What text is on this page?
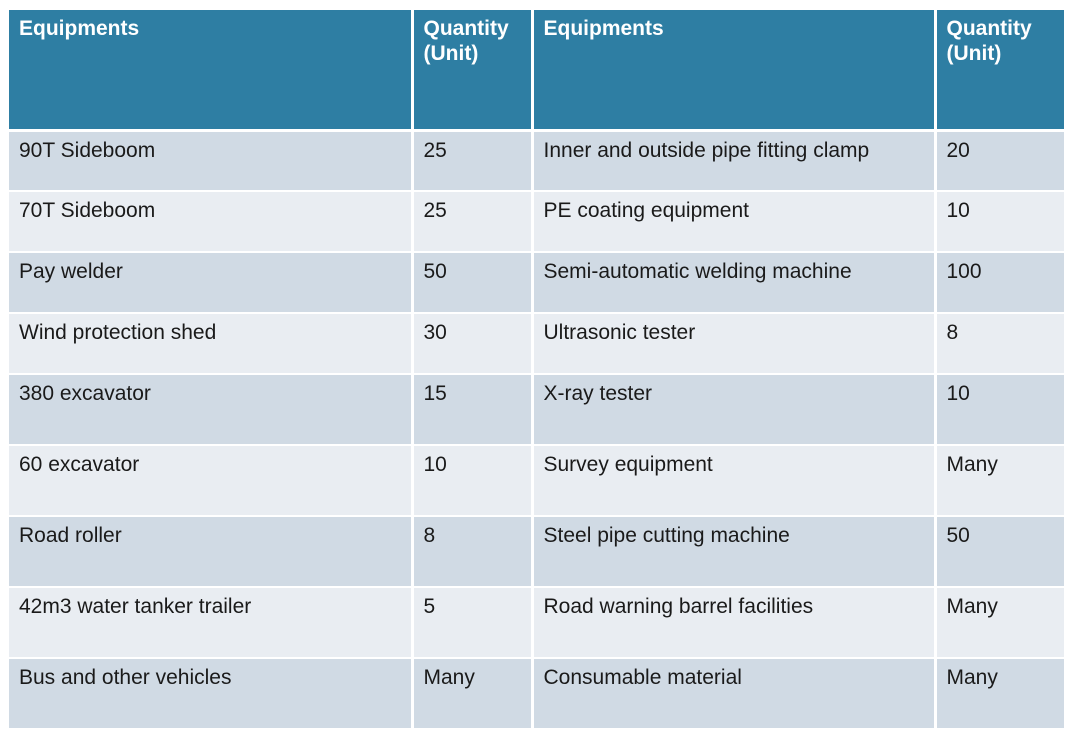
Equipments	Quantity (Unit)	Equipments	Quantity (Unit)
90T Sideboom	25	Inner and outside pipe fitting clamp	20
70T Sideboom	25	PE coating equipment	10
Pay welder	50	Semi-automatic welding machine	100
Wind protection shed	30	Ultrasonic tester	8
380 excavator	15	X-ray tester	10
60 excavator	10	Survey equipment	Many
Road roller	8	Steel pipe cutting machine	50
42m3 water tanker trailer	5	Road warning barrel facilities	Many
Bus and other vehicles	Many	Consumable material	Many
